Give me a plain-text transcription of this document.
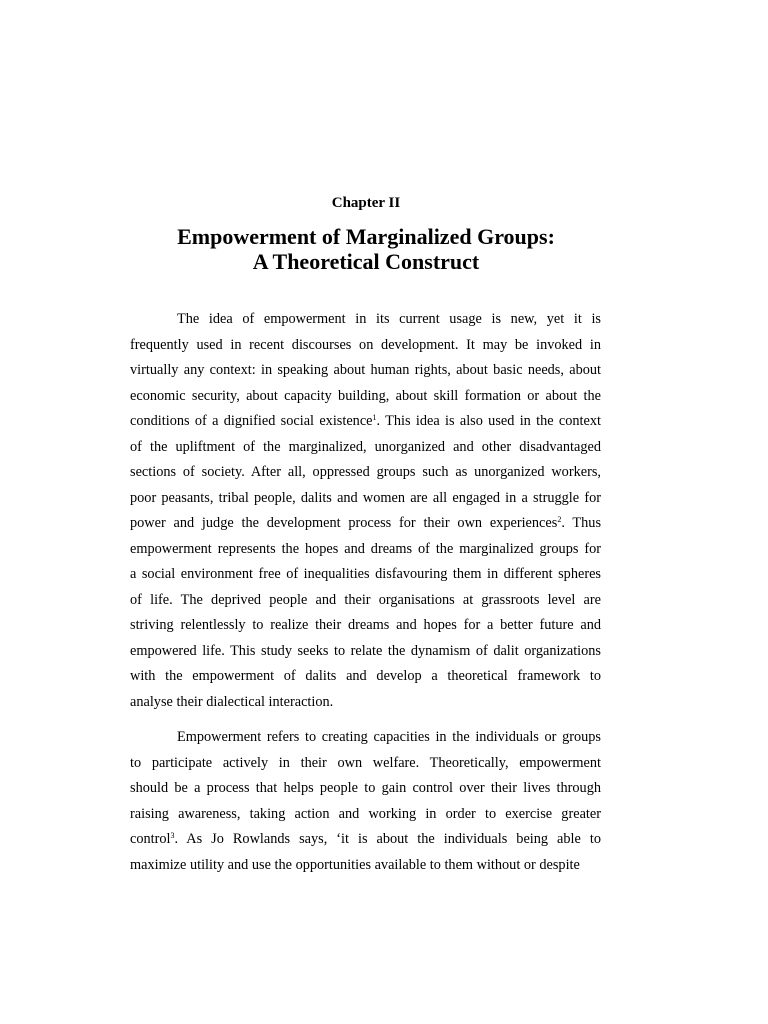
Chapter II
Empowerment of Marginalized Groups:
A Theoretical Construct

The idea of empowerment in its current usage is new, yet it is
frequently used in recent discourses on development. It may be invoked in
virtually any context: in speaking about human rights, about basic needs, about
economic security, about capacity building, about skill formation or about the
conditions of a dignified social existence$^1$. This idea is also used in the context
of the upliftment of the marginalized, unorganized and other disadvantaged
sections of society. After all, oppressed groups such as unorganized workers,
poor peasants, tribal people, dalits and women are all engaged in a struggle for
power and judge the development process for their own experiences$^2$. Thus
empowerment represents the hopes and dreams of the marginalized groups for
a social environment free of inequalities disfavouring them in different spheres
of life. The deprived people and their organisations at grassroots level are
striving relentlessly to realize their dreams and hopes for a better future and
empowered life. This study seeks to relate the dynamism of dalit organizations
with the empowerment of dalits and develop a theoretical framework to
analyse their dialectical interaction.

Empowerment refers to creating capacities in the individuals or groups
to participate actively in their own welfare. Theoretically, empowerment
should be a process that helps people to gain control over their lives through
raising awareness, taking action and working in order to exercise greater
control$^3$. As Jo Rowlands says, ‘it is about the individuals being able to
maximize utility and use the opportunities available to them without or despite
